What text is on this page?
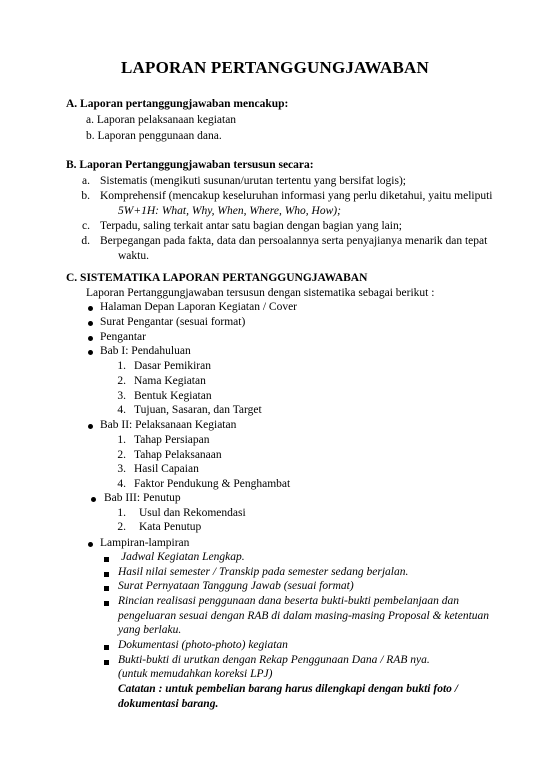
LAPORAN PERTANGGUNGJAWABAN
A. Laporan pertanggungjawaban mencakup:
a. Laporan pelaksanaan kegiatan
b. Laporan penggunaan dana.
B. Laporan Pertanggungjawaban tersusun secara:
a. Sistematis (mengikuti susunan/urutan tertentu yang bersifat logis);
b. Komprehensif (mencakup keseluruhan informasi yang perlu diketahui, yaitu meliputi
5W+1H: What, Why, When, Where, Who, How);
c. Terpadu, saling terkait antar satu bagian dengan bagian yang lain;
d. Berpegangan pada fakta, data dan persoalannya serta penyajianya menarik dan tepat
waktu.
C. SISTEMATIKA LAPORAN PERTANGGUNGJAWABAN
Laporan Pertanggungjawaban tersusun dengan sistematika sebagai berikut :
Halaman Depan Laporan Kegiatan / Cover
Surat Pengantar (sesuai format)
Pengantar
Bab I: Pendahuluan
1. Dasar Pemikiran
2. Nama Kegiatan
3. Bentuk Kegiatan
4. Tujuan, Sasaran, dan Target
Bab II: Pelaksanaan Kegiatan
1. Tahap Persiapan
2. Tahap Pelaksanaan
3. Hasil Capaian
4. Faktor Pendukung & Penghambat
Bab III: Penutup
1. Usul dan Rekomendasi
2. Kata Penutup
Lampiran-lampiran
Jadwal Kegiatan Lengkap.
Hasil nilai semester / Transkip pada semester sedang berjalan.
Surat Pernyataan Tanggung Jawab (sesuai format)
Rincian realisasi penggunaan dana beserta bukti-bukti pembelanjaan dan
pengeluaran sesuai dengan RAB di dalam masing-masing Proposal & ketentuan
yang berlaku.
Dokumentasi (photo-photo) kegiatan
Bukti-bukti di urutkan dengan Rekap Penggunaan Dana / RAB nya.
(untuk memudahkan koreksi LPJ)
Catatan : untuk pembelian barang harus dilengkapi dengan bukti foto /
dokumentasi barang.
